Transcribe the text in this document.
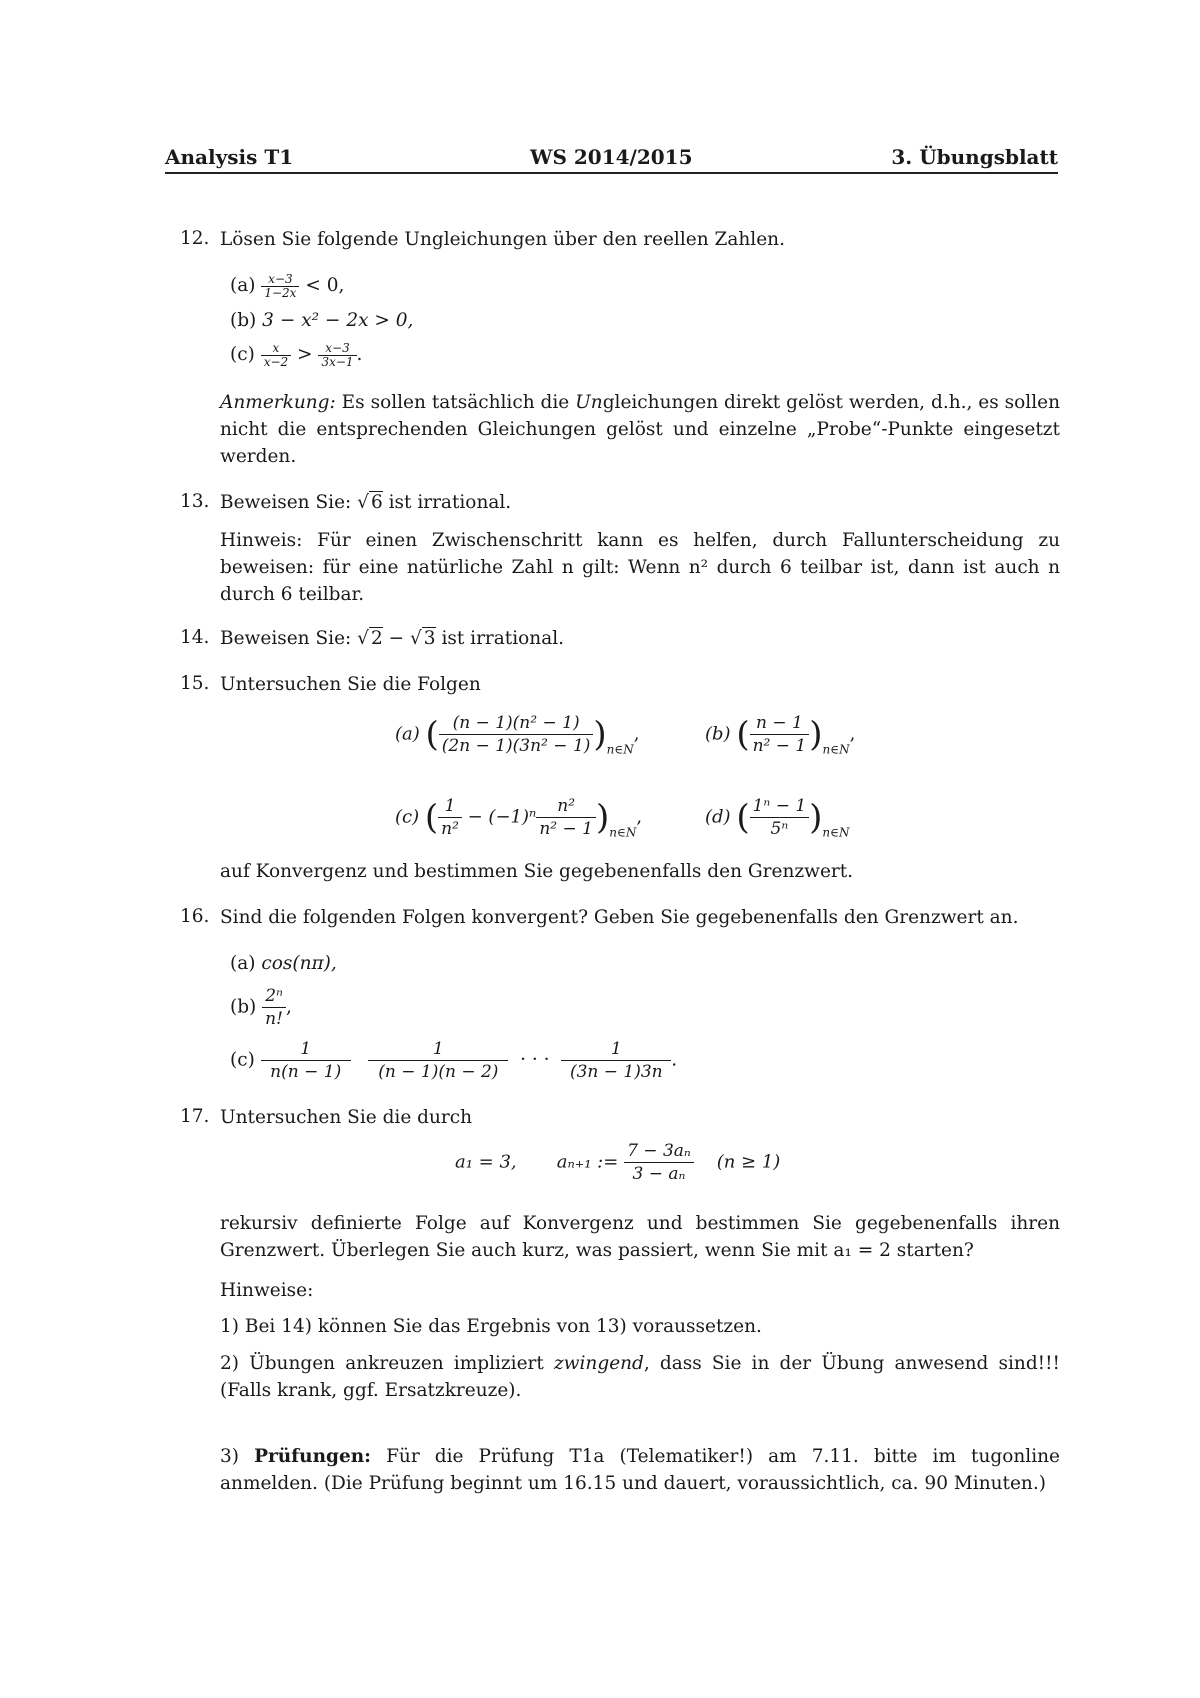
Analysis T1	WS 2014/2015	3. Übungsblatt
12. Lösen Sie folgende Ungleichungen über den reellen Zahlen.
$(a) \frac{x-3}{1-2x} < 0$,
(b) 3 − x² − 2x > 0,
$(c) \frac{x}{x-2} > \frac{x-3}{3x-1}$ .
Anmerkung: Es sollen tatsächlich die Ungleichungen direkt gelöst werden, d.h., es sollen nicht die entsprechenden Gleichungen gelöst und einzelne „Probe“-Punkte eingesetzt werden.
13. Beweisen Sie: √ 6 ist irrational.
Hinweis: Für einen Zwischenschritt kann es helfen, durch Fallunterscheidung zu beweisen: für eine natürliche Zahl n gilt: Wenn n² durch 6 teilbar ist, dann ist auch n durch 6 teilbar.
14. Beweisen Sie: √ 2 − √ 3 ist irrational.
15. Untersuchen Sie die Folgen
(a) ( $\frac{\text{(n − 1)(n² − 1)}}{\text{(2n − 1)(3n² − 1)}} )_{n\in N}$,	(b) ( $\frac{n - 1}{\text{n² − 1}} )_{n\in N}$,
(c) ( $\frac{1}{\text{n²}} - (-1)^n \frac{\text{n²}}{\text{n² − 1}} )_{n\in N}$,	(d) ( $\frac{\text{1ⁿ − 1}}{\text{5ⁿ}} )_{n\in N}$
auf Konvergenz und bestimmen Sie gegebenenfalls den Grenzwert.
16. Sind die folgenden Folgen konvergent? Geben Sie gegebenenfalls den Grenzwert an.
(a) cos(nπ),
$(b) \frac{\text{2ⁿ}}{n!}$ ,
$(c) \frac{1}{n(n - 1)}$
$\frac{1}{(n - 1)(n - 2)}$ · · · $\frac{1}{(3n - 1)3n}$ .
17. Untersuchen Sie die durch
a₁ = 3, aₙ₊₁ := $\frac{\text{7 − 3aₙ}}{\text{3 − aₙ}} (n \ge 1)$
rekursiv definierte Folge auf Konvergenz und bestimmen Sie gegebenenfalls ihren Grenzwert. Überlegen Sie auch kurz, was passiert, wenn Sie mit a₁ = 2 starten?
Hinweise:
1) Bei 14) können Sie das Ergebnis von 13) voraussetzen.
2) Übungen ankreuzen impliziert zwingend, dass Sie in der Übung anwesend sind!!! (Falls krank, ggf. Ersatzkreuze).
3) Prüfungen: Für die Prüfung T1a (Telematiker!) am 7.11. bitte im tugonline anmelden. (Die Prüfung beginnt um 16.15 und dauert, voraussichtlich, ca. 90 Minuten.)
